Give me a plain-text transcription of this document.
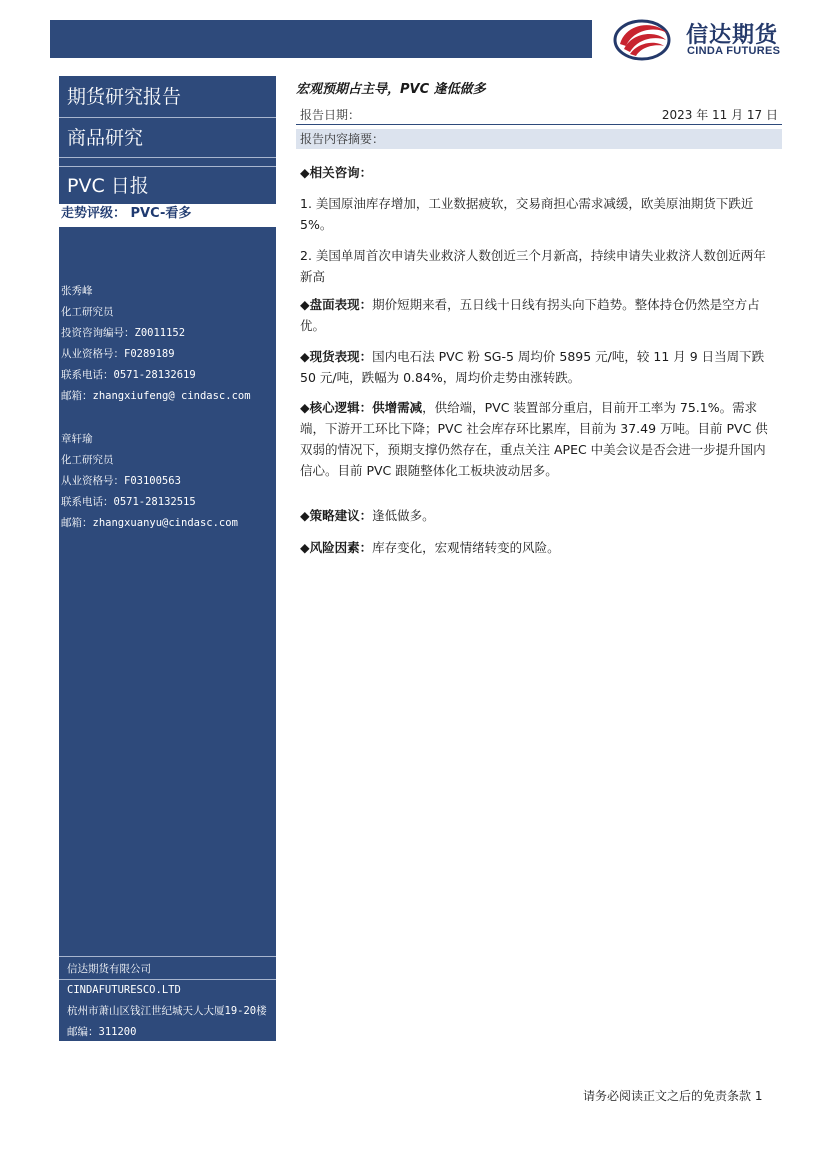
信达期货
CINDA FUTURES
期货研究报告
商品研究
PVC 日报
走势评级： PVC-看多
张秀峰
化工研究员
投资咨询编号：Z0011152
从业资格号：F0289189
联系电话：0571-28132619
邮箱：zhangxiufeng@ cindasc.com
章轩瑜
化工研究员
从业资格号：F03100563
联系电话：0571-28132515
邮箱：zhangxuanyu@cindasc.com
信达期货有限公司
CINDAFUTURESCO.LTD
杭州市萧山区钱江世纪城天人大厦19-20楼
邮编：311200
宏观预期占主导，PVC 逢低做多
报告日期：	2023 年 11 月 17 日
报告内容摘要：
◆相关咨询：
1. 美国原油库存增加，工业数据疲软，交易商担心需求减缓，欧美原油期货下跌近 5%。
2. 美国单周首次申请失业救济人数创近三个月新高，持续申请失业救济人数创近两年新高
◆盘面表现：期价短期来看，五日线十日线有拐头向下趋势。整体持仓仍然是空方占优。
◆现货表现：国内电石法 PVC 粉 SG-5 周均价 5895 元/吨，较 11 月 9 日当周下跌 50 元/吨，跌幅为 0.84%，周均价走势由涨转跌。
◆核心逻辑：供增需减，供给端，PVC 装置部分重启，目前开工率为 75.1%。需求端，下游开工环比下降；PVC 社会库存环比累库，目前为 37.49 万吨。目前 PVC 供双弱的情况下，预期支撑仍然存在，重点关注 APEC 中美会议是否会进一步提升国内信心。目前 PVC 跟随整体化工板块波动居多。
◆策略建议：逢低做多。
◆风险因素：库存变化，宏观情绪转变的风险。
请务必阅读正文之后的免责条款 1
